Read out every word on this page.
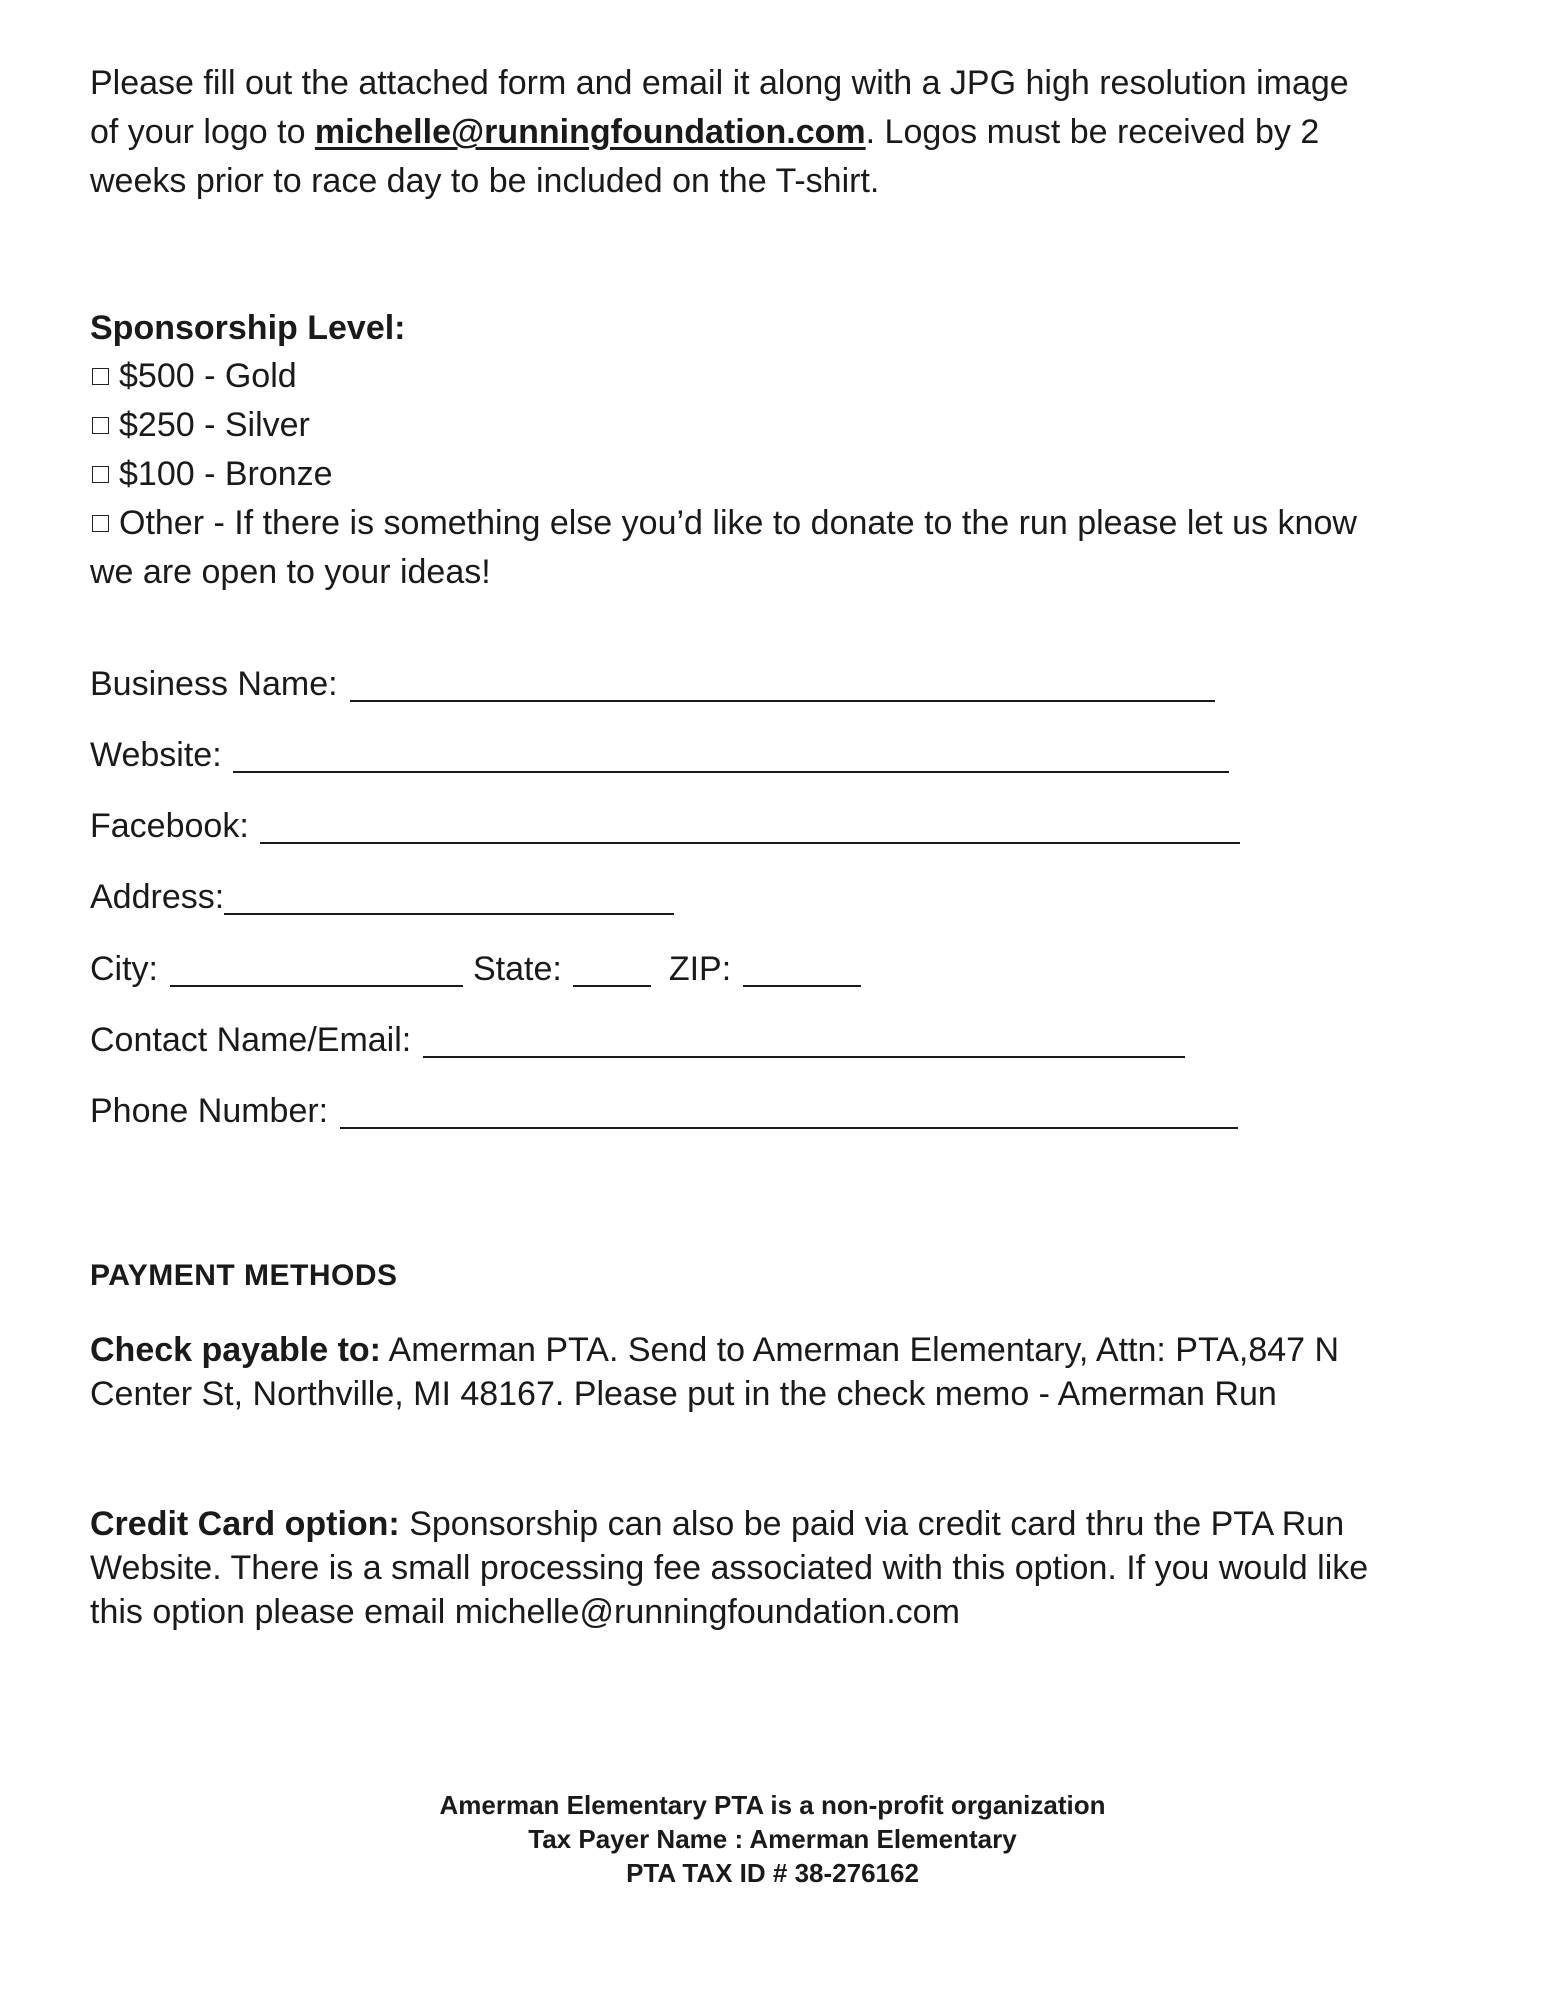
Please fill out the attached form and email it along with a JPG high resolution image
of your logo to michelle@runningfoundation.com. Logos must be received by 2
weeks prior to race day to be included on the T-shirt.
Sponsorship Level:
$500 - Gold
$250 - Silver
$100 - Bronze
Other - If there is something else you’d like to donate to the run please let us know
we are open to your ideas!
Business Name:
Website:
Facebook:
Address:
City:	State:	ZIP:
Contact Name/Email:
Phone Number:
PAYMENT METHODS
Check payable to: Amerman PTA. Send to Amerman Elementary, Attn: PTA,847 N
Center St, Northville, MI 48167. Please put in the check memo - Amerman Run
Credit Card option: Sponsorship can also be paid via credit card thru the PTA Run
Website. There is a small processing fee associated with this option. If you would like
this option please email michelle@runningfoundation.com
Amerman Elementary PTA is a non-profit organization
Tax Payer Name : Amerman Elementary
PTA TAX ID # 38-276162
